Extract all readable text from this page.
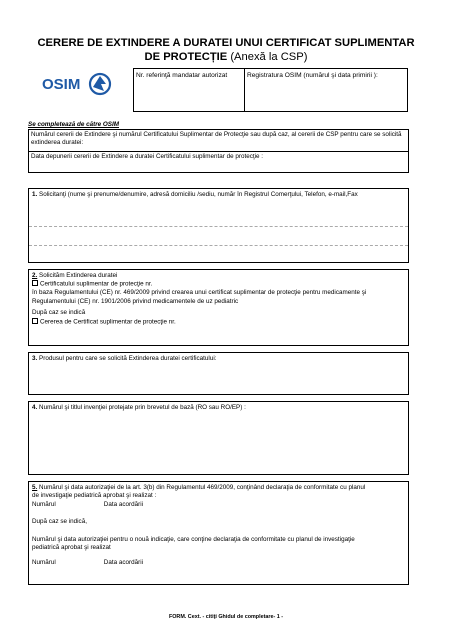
CERERE DE EXTINDERE A DURATEI UNUI CERTIFICAT SUPLIMENTAR
DE PROTECȚIE (Anexă la CSP)
OSIM
Nr. referinţă mandatar autorizat	Registratura OSIM (numărul şi data primirii ):
Se completează de către OSIM
Numărul cererii de Extindere şi numărul Certificatului Suplimentar de Protecţie sau după caz, al cererii de CSP pentru care se solicită extinderea duratei:
Data depunerii cererii de Extindere a duratei Certificatului suplimentar de protecţie :
1. Solicitanţi (nume şi prenume/denumire, adresă domiciliu /sediu, număr în Registrul Comerţului, Telefon, e-mail,Fax
2. Solicităm Extinderea duratei
Certificatului suplimentar de protecţie nr.
în baza Regulamentului (CE) nr. 469/2009 privind crearea unui certificat suplimentar de protecţie pentru medicamente şi
Regulamentului (CE) nr. 1901/2006 privind medicamentele de uz pediatric
După caz se indică
Cererea de Certificat suplimentar de protecţie nr.
3. Produsul pentru care se solicită Extinderea duratei certificatului:
4. Numărul şi titlul invenţiei protejate prin brevetul de bază (RO sau RO/EP) :
5. Numărul şi data autorizaţiei de la art. 3(b) din Regulamentul 469/2009, conţinând declaraţia de conformitate cu planul
de investigaţie pediatrică aprobat şi realizat :
Numărul	Data acordării
După caz se indică,
Numărul şi data autorizaţiei pentru o nouă indicaţie, care conţine declaraţia de conformitate cu planul de investigaţie
pediatrică aprobat şi realizat
Numărul	Data acordării
FORM. Cext. - citiţi Ghidul de completare- 1 -
